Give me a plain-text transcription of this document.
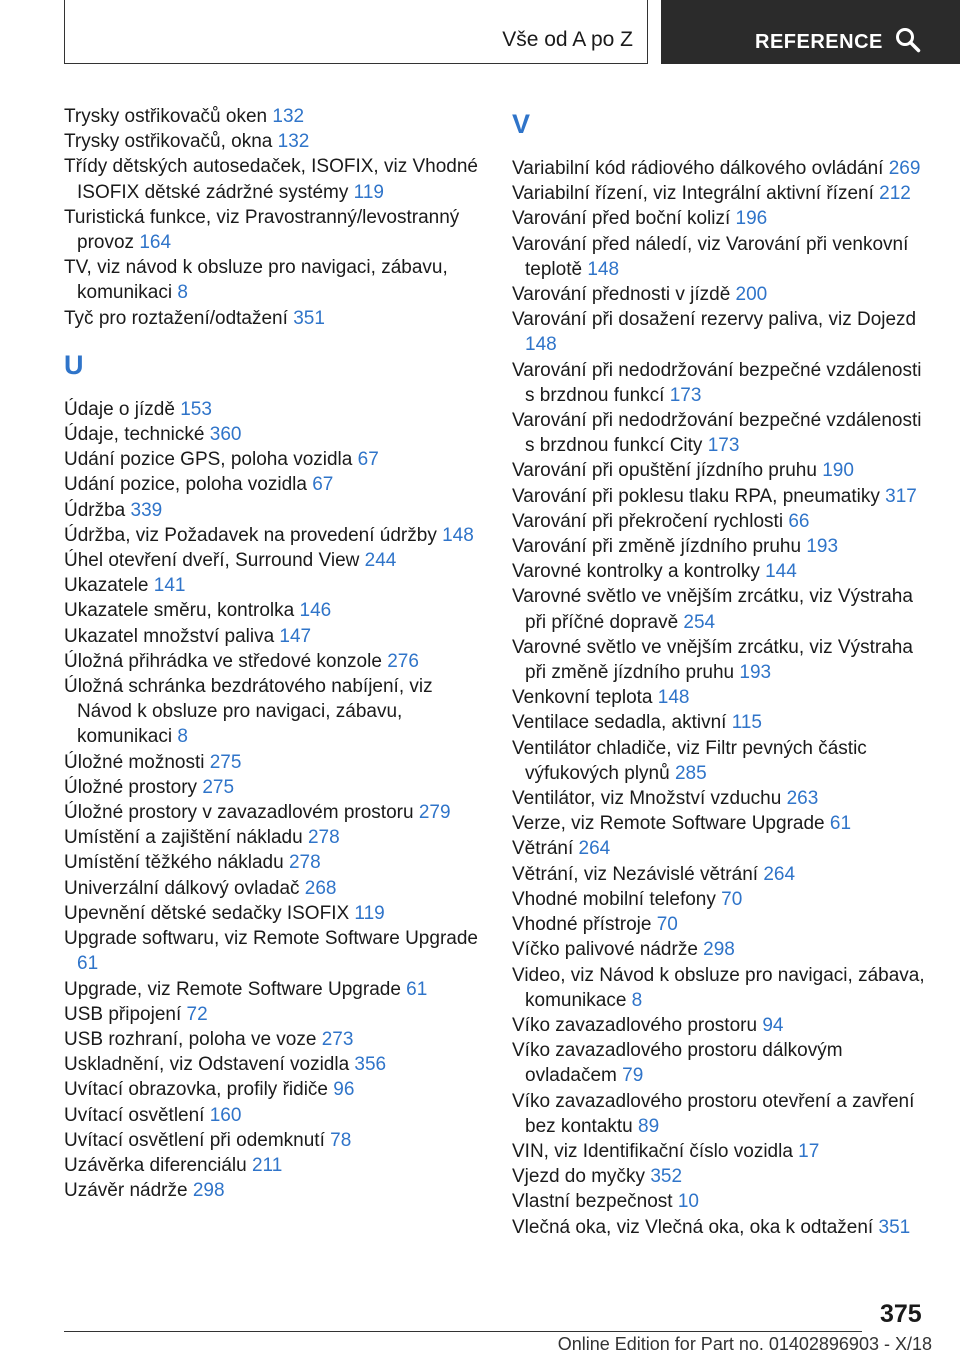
Vše od A po Z	REFERENCE
Trysky ostřikovačů oken 132
Trysky ostřikovačů, okna 132
Třídy dětských autosedaček, ISOFIX, viz Vhodné ISOFIX dětské zádržné systémy 119
Turistická funkce, viz Pravostranný/levostranný provoz 164
TV, viz návod k obsluze pro navigaci, zábavu, komunikaci 8
Tyč pro roztažení/odtažení 351
U
Údaje o jízdě 153
Údaje, technické 360
Udání pozice GPS, poloha vozidla 67
Udání pozice, poloha vozidla 67
Údržba 339
Údržba, viz Požadavek na provedení údržby 148
Úhel otevření dveří, Surround View 244
Ukazatele 141
Ukazatele směru, kontrolka 146
Ukazatel množství paliva 147
Úložná přihrádka ve středové konzole 276
Úložná schránka bezdrátového nabíjení, viz Návod k obsluze pro navigaci, zábavu, komunikaci 8
Úložné možnosti 275
Úložné prostory 275
Úložné prostory v zavazadlovém prostoru 279
Umístění a zajištění nákladu 278
Umístění těžkého nákladu 278
Univerzální dálkový ovladač 268
Upevnění dětské sedačky ISOFIX 119
Upgrade softwaru, viz Remote Software Upgrade 61
Upgrade, viz Remote Software Upgrade 61
USB připojení 72
USB rozhraní, poloha ve voze 273
Uskladnění, viz Odstavení vozidla 356
Uvítací obrazovka, profily řidiče 96
Uvítací osvětlení 160
Uvítací osvětlení při odemknutí 78
Uzávěrka diferenciálu 211
Uzávěr nádrže 298
V
Variabilní kód rádiového dálkového ovládání 269
Variabilní řízení, viz Integrální aktivní řízení 212
Varování před boční kolizí 196
Varování před náledí, viz Varování při venkovní teplotě 148
Varování přednosti v jízdě 200
Varování při dosažení rezervy paliva, viz Dojezd 148
Varování při nedodržování bezpečné vzdálenosti s brzdnou funkcí 173
Varování při nedodržování bezpečné vzdálenosti s brzdnou funkcí City 173
Varování při opuštění jízdního pruhu 190
Varování při poklesu tlaku RPA, pneumatiky 317
Varování při překročení rychlosti 66
Varování při změně jízdního pruhu 193
Varovné kontrolky a kontrolky 144
Varovné světlo ve vnějším zrcátku, viz Výstraha při příčné dopravě 254
Varovné světlo ve vnějším zrcátku, viz Výstraha při změně jízdního pruhu 193
Venkovní teplota 148
Ventilace sedadla, aktivní 115
Ventilátor chladiče, viz Filtr pevných částic výfukových plynů 285
Ventilátor, viz Množství vzduchu 263
Verze, viz Remote Software Upgrade 61
Větrání 264
Větrání, viz Nezávislé větrání 264
Vhodné mobilní telefony 70
Vhodné přístroje 70
Víčko palivové nádrže 298
Video, viz Návod k obsluze pro navigaci, zábava, komunikace 8
Víko zavazadlového prostoru 94
Víko zavazadlového prostoru dálkovým ovladačem 79
Víko zavazadlového prostoru otevření a zavření bez kontaktu 89
VIN, viz Identifikační číslo vozidla 17
Vjezd do myčky 352
Vlastní bezpečnost 10
Vlečná oka, viz Vlečná oka, oka k odtažení 351
375
Online Edition for Part no. 01402896903 - X/18
